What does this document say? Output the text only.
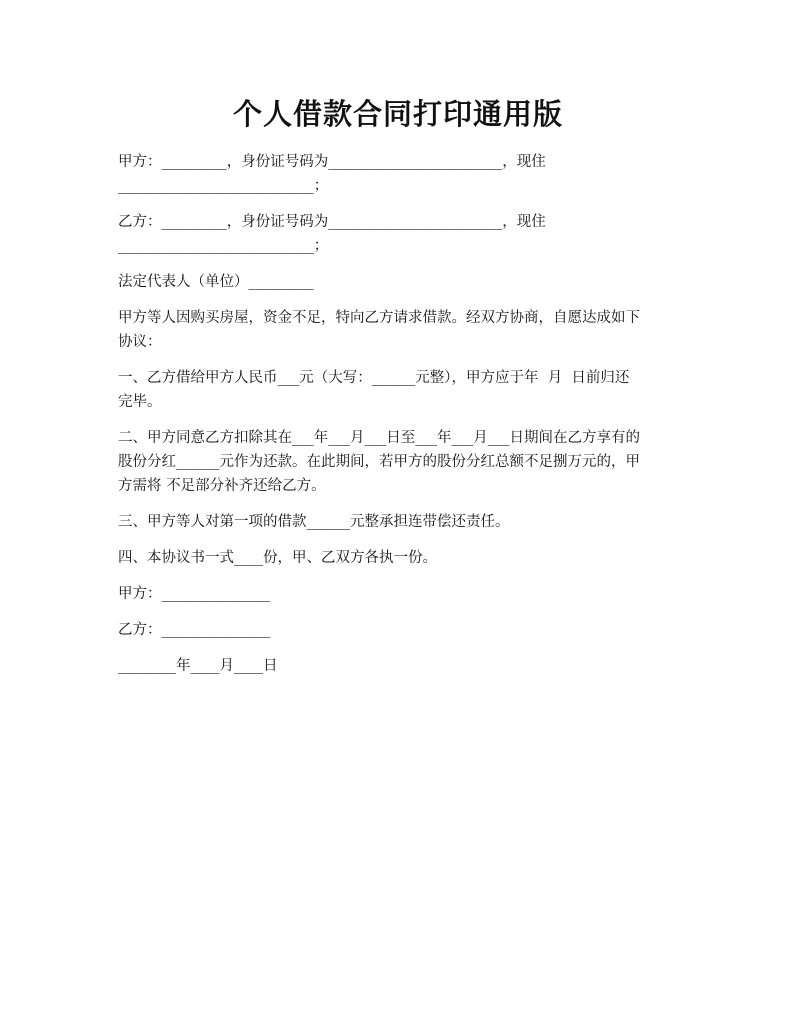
个人借款合同打印通用版

甲方：_________，身份证号码为________________________，现住
___________________________；

乙方：_________，身份证号码为________________________，现住
___________________________；

法定代表人（单位）_________

甲方等人因购买房屋，资金不足，特向乙方请求借款。经双方协商，自愿达成如下
协议：

一、乙方借给甲方人民币___元（大写：______元整），甲方应于年  月  日前归还
完毕。

二、甲方同意乙方扣除其在___年___月___日至___年___月___日期间在乙方享有的
股份分红______元作为还款。在此期间，若甲方的股份分红总额不足捌万元的，甲
方需将 不足部分补齐还给乙方。

三、甲方等人对第一项的借款______元整承担连带偿还责任。

四、本协议书一式____份，甲、乙双方各执一份。

甲方：_______________

乙方：_______________

________年____月____日
